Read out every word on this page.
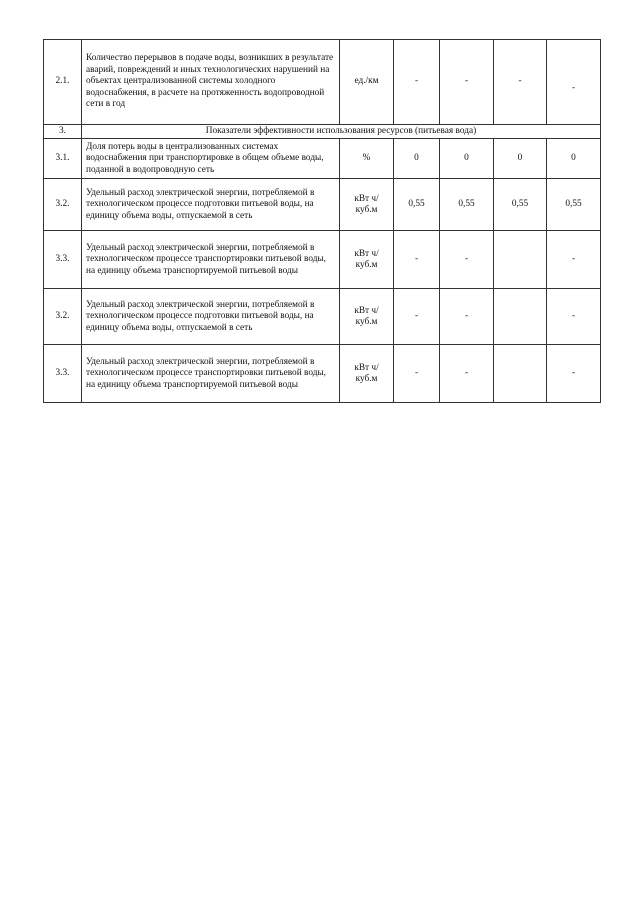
2.1.	Количество перерывов в подаче воды, возникших в результате аварий, повреждений и иных технологических нарушений на объектах централизованной системы холодного водоснабжения, в расчете на протяженность водопроводной сети в год	ед./км	-	-	-	-
3.	Показатели эффективности использования ресурсов (питьевая вода)					
3.1.	Доля потерь воды в централизованных системах водоснабжения при транспортировке в общем объеме воды, поданной в водопроводную сеть	%	0	0	0	0
3.2.	Удельный расход электрической энергии, потребляемой в технологическом процессе подготовки питьевой воды, на единицу объема воды, отпускаемой в сеть	кВт ч/куб.м	0,55	0,55	0,55	0,55
3.3.	Удельный расход электрической энергии, потребляемой в технологическом процессе транспортировки питьевой воды, на единицу объема транспортируемой питьевой воды	кВт ч/куб.м	-	-		-
3.2.	Удельный расход электрической энергии, потребляемой в технологическом процессе подготовки питьевой воды, на единицу объема воды, отпускаемой в сеть	кВт ч/куб.м	-	-		-
3.3.	Удельный расход электрической энергии, потребляемой в технологическом процессе транспортировки питьевой воды, на единицу объема транспортируемой питьевой воды	кВт ч/куб.м	-	-		-
